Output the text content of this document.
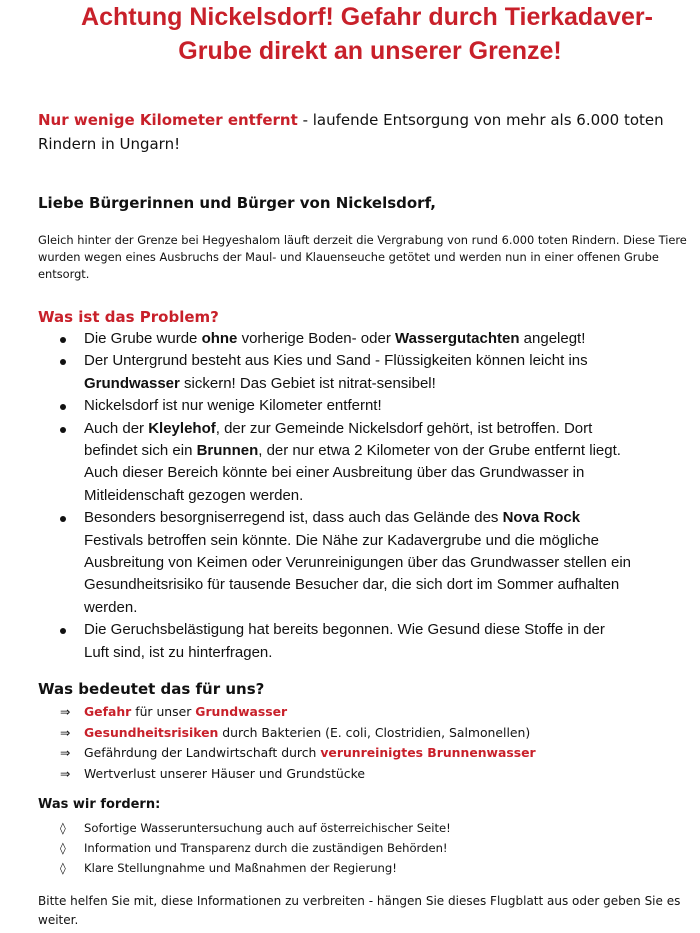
Achtung Nickelsdorf! Gefahr durch Tierkadaver-
Grube direkt an unserer Grenze!
Nur wenige Kilometer entfernt - laufende Entsorgung von mehr als 6.000 toten Rindern in Ungarn!
Liebe Bürgerinnen und Bürger von Nickelsdorf,
Gleich hinter der Grenze bei Hegyeshalom läuft derzeit die Vergrabung von rund 6.000 toten Rindern. Diese Tiere wurden wegen eines Ausbruchs der Maul- und Klauenseuche getötet und werden nun in einer offenen Grube entsorgt.
Was ist das Problem?
Die Grube wurde ohne vorherige Boden- oder Wassergutachten angelegt!
Der Untergrund besteht aus Kies und Sand - Flüssigkeiten können leicht ins
Grundwasser sickern! Das Gebiet ist nitrat-sensibel!
Nickelsdorf ist nur wenige Kilometer entfernt!
Auch der Kleylehof, der zur Gemeinde Nickelsdorf gehört, ist betroffen. Dort
befindet sich ein Brunnen, der nur etwa 2 Kilometer von der Grube entfernt liegt.
Auch dieser Bereich könnte bei einer Ausbreitung über das Grundwasser in
Mitleidenschaft gezogen werden.
Besonders besorgniserregend ist, dass auch das Gelände des Nova Rock
Festivals betroffen sein könnte. Die Nähe zur Kadavergrube und die mögliche
Ausbreitung von Keimen oder Verunreinigungen über das Grundwasser stellen ein
Gesundheitsrisiko für tausende Besucher dar, die sich dort im Sommer aufhalten
werden.
Die Geruchsbelästigung hat bereits begonnen. Wie Gesund diese Stoffe in der
Luft sind, ist zu hinterfragen.
Was bedeutet das für uns?
⇒ Gefahr für unser Grundwasser
⇒ Gesundheitsrisiken durch Bakterien (E. coli, Clostridien, Salmonellen)
⇒ Gefährdung der Landwirtschaft durch verunreinigtes Brunnenwasser
⇒ Wertverlust unserer Häuser und Grundstücke
Was wir fordern:
◊ Sofortige Wasseruntersuchung auch auf österreichischer Seite!
◊ Information und Transparenz durch die zuständigen Behörden!
◊ Klare Stellungnahme und Maßnahmen der Regierung!
Bitte helfen Sie mit, diese Informationen zu verbreiten - hängen Sie dieses Flugblatt aus oder geben Sie es weiter.
